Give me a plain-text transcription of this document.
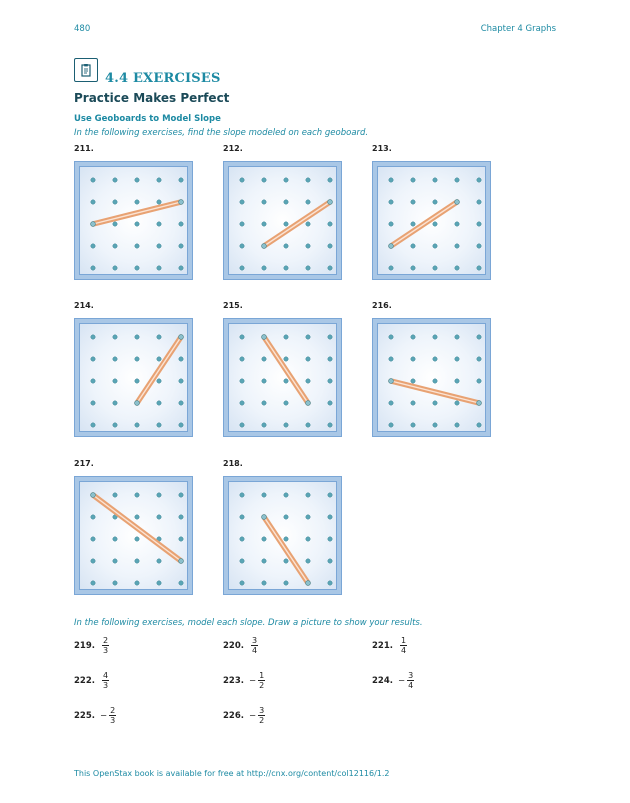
480	Chapter 4 Graphs
4.4 EXERCISES
Practice Makes Perfect
Use Geoboards to Model Slope
In the following exercises, find the slope modeled on each geoboard.
211.	212.	213.
214.	215.	216.
217.	218.
In the following exercises, model each slope. Draw a picture to show your results.
219. $\frac{2}{3}$	220. $\frac{3}{4}$	221. $\frac{1}{4}$
222. $\frac{4}{3}$	223. − $\frac{1}{2}$	224. − $\frac{3}{4}$
225. − $\frac{2}{3}$	226. − $\frac{3}{2}$
This OpenStax book is available for free at http://cnx.org/content/col12116/1.2
